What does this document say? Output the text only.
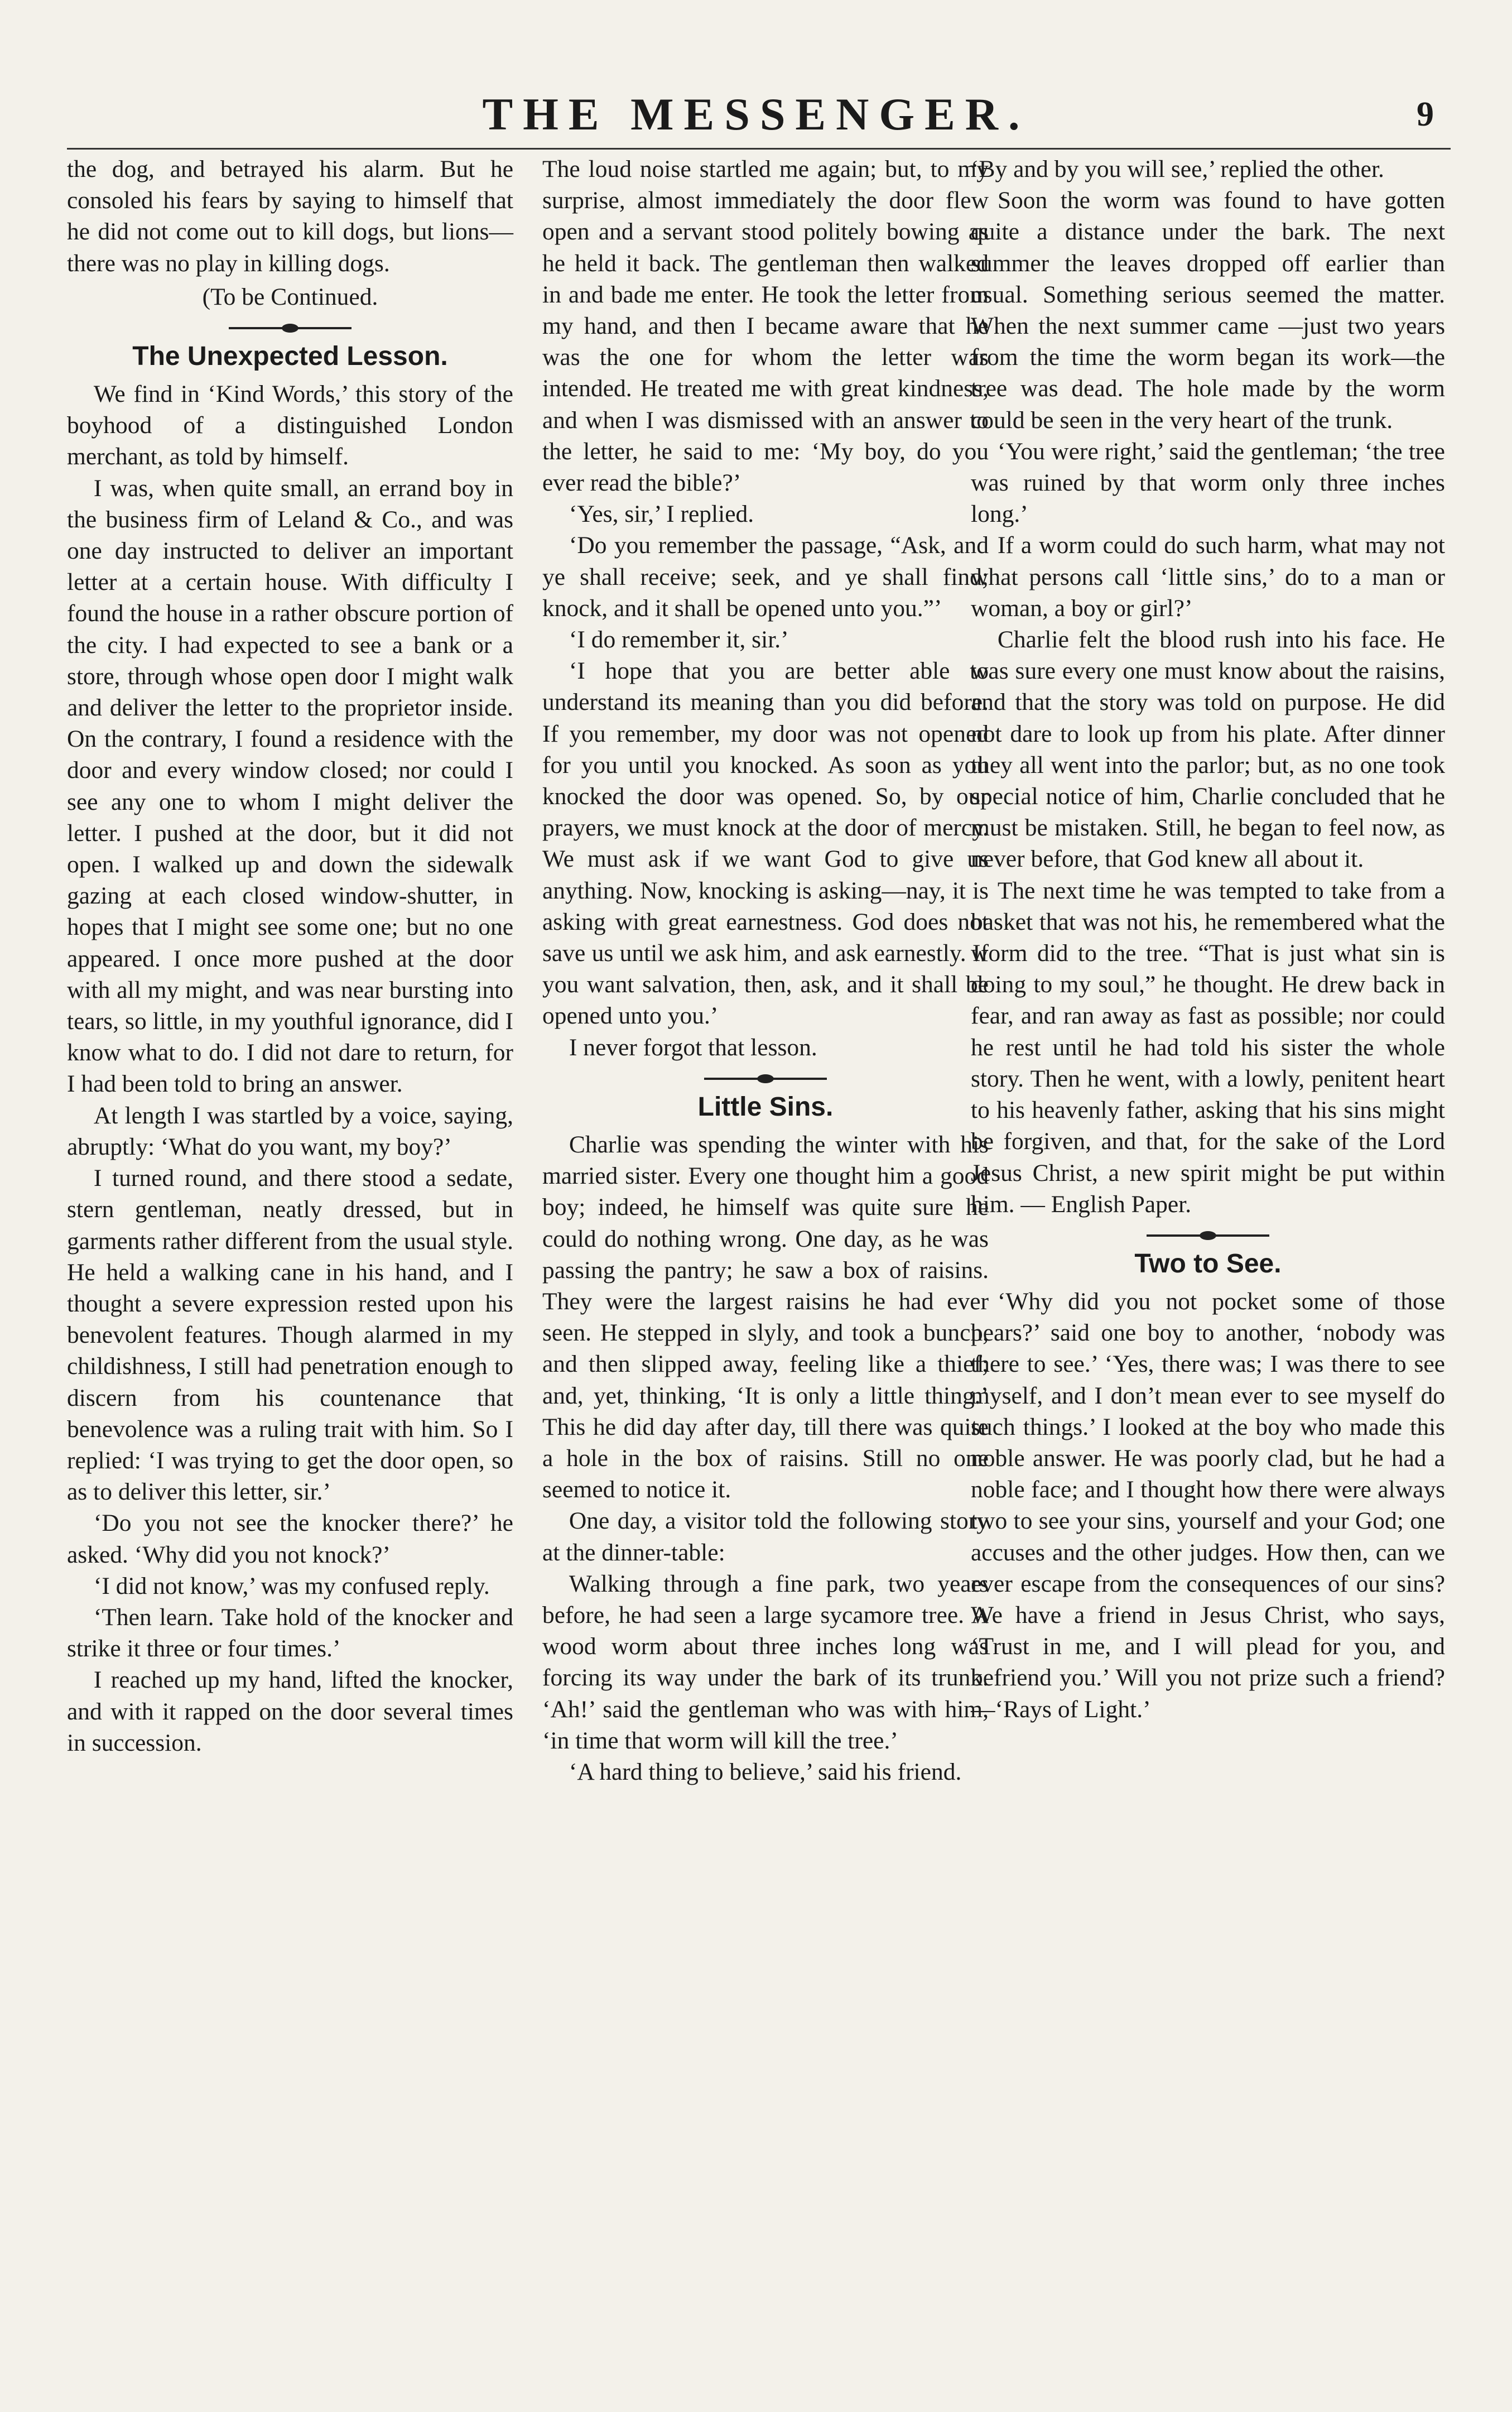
THE MESSENGER.	9

the dog, and betrayed his alarm. But he consoled his fears by saying to himself that he did not come out to kill dogs, but lions—there was no play in killing dogs.

(To be Continued.

The Unexpected Lesson.

We find in ‘Kind Words,’ this story of the boyhood of a distinguished London merchant, as told by himself.

I was, when quite small, an errand boy in the business firm of Leland & Co., and was one day instructed to deliver an important letter at a certain house. With difficulty I found the house in a rather obscure portion of the city. I had expected to see a bank or a store, through whose open door I might walk and deliver the letter to the proprietor inside. On the contrary, I found a residence with the door and every window closed; nor could I see any one to whom I might deliver the letter. I pushed at the door, but it did not open. I walked up and down the sidewalk gazing at each closed window-shutter, in hopes that I might see some one; but no one appeared. I once more pushed at the door with all my might, and was near bursting into tears, so little, in my youthful ignorance, did I know what to do. I did not dare to return, for I had been told to bring an answer.

At length I was startled by a voice, saying, abruptly: ‘What do you want, my boy?’

I turned round, and there stood a sedate, stern gentleman, neatly dressed, but in garments rather different from the usual style. He held a walking cane in his hand, and I thought a severe expression rested upon his benevolent features. Though alarmed in my childishness, I still had penetration enough to discern from his countenance that benevolence was a ruling trait with him. So I replied: ‘I was trying to get the door open, so as to deliver this letter, sir.’

‘Do you not see the knocker there?’ he asked. ‘Why did you not knock?’

‘I did not know,’ was my confused reply.

‘Then learn. Take hold of the knocker and strike it three or four times.’

I reached up my hand, lifted the knocker, and with it rapped on the door several times in succession.

The loud noise startled me again; but, to my surprise, almost immediately the door flew open and a servant stood politely bowing as he held it back. The gentleman then walked in and bade me enter. He took the letter from my hand, and then I became aware that he was the one for whom the letter was intended. He treated me with great kindness, and when I was dismissed with an answer to the letter, he said to me: ‘My boy, do you ever read the bible?’

‘Yes, sir,’ I replied.

‘Do you remember the passage, “Ask, and ye shall receive; seek, and ye shall find; knock, and it shall be opened unto you.”’

‘I do remember it, sir.’

‘I hope that you are better able to understand its meaning than you did before. If you remember, my door was not opened for you until you knocked. As soon as you knocked the door was opened. So, by our prayers, we must knock at the door of mercy. We must ask if we want God to give us anything. Now, knocking is asking—nay, it is asking with great earnestness. God does not save us until we ask him, and ask earnestly. If you want salvation, then, ask, and it shall be opened unto you.’

I never forgot that lesson.

Little Sins.

Charlie was spending the winter with his married sister. Every one thought him a good boy; indeed, he himself was quite sure he could do nothing wrong. One day, as he was passing the pantry; he saw a box of raisins. They were the largest raisins he had ever seen. He stepped in slyly, and took a bunch, and then slipped away, feeling like a thief; and, yet, thinking, ‘It is only a little thing.’ This he did day after day, till there was quite a hole in the box of raisins. Still no one seemed to notice it.

One day, a visitor told the following story at the dinner-table:

Walking through a fine park, two years before, he had seen a large sycamore tree. A wood worm about three inches long was forcing its way under the bark of its trunk. ‘Ah!’ said the gentleman who was with him, ‘in time that worm will kill the tree.’

‘A hard thing to believe,’ said his friend.

‘By and by you will see,’ replied the other.

Soon the worm was found to have gotten quite a distance under the bark. The next summer the leaves dropped off earlier than usual. Something serious seemed the matter. When the next summer came —just two years from the time the worm began its work—the tree was dead. The hole made by the worm could be seen in the very heart of the trunk.

‘You were right,’ said the gentleman; ‘the tree was ruined by that worm only three inches long.’

If a worm could do such harm, what may not what persons call ‘little sins,’ do to a man or woman, a boy or girl?’

Charlie felt the blood rush into his face. He was sure every one must know about the raisins, and that the story was told on purpose. He did not dare to look up from his plate. After dinner they all went into the parlor; but, as no one took special notice of him, Charlie concluded that he must be mistaken. Still, he began to feel now, as never before, that God knew all about it.

The next time he was tempted to take from a basket that was not his, he remembered what the worm did to the tree. “That is just what sin is doing to my soul,” he thought. He drew back in fear, and ran away as fast as possible; nor could he rest until he had told his sister the whole story. Then he went, with a lowly, penitent heart to his heavenly father, asking that his sins might be forgiven, and that, for the sake of the Lord Jesus Christ, a new spirit might be put within him. — English Paper.

Two to See.

‘Why did you not pocket some of those pears?’ said one boy to another, ‘nobody was there to see.’ ‘Yes, there was; I was there to see myself, and I don’t mean ever to see myself do such things.’ I looked at the boy who made this noble answer. He was poorly clad, but he had a noble face; and I thought how there were always two to see your sins, yourself and your God; one accuses and the other judges. How then, can we ever escape from the consequences of our sins? We have a friend in Jesus Christ, who says, ‘Trust in me, and I will plead for you, and befriend you.’ Will you not prize such a friend?—‘Rays of Light.’
